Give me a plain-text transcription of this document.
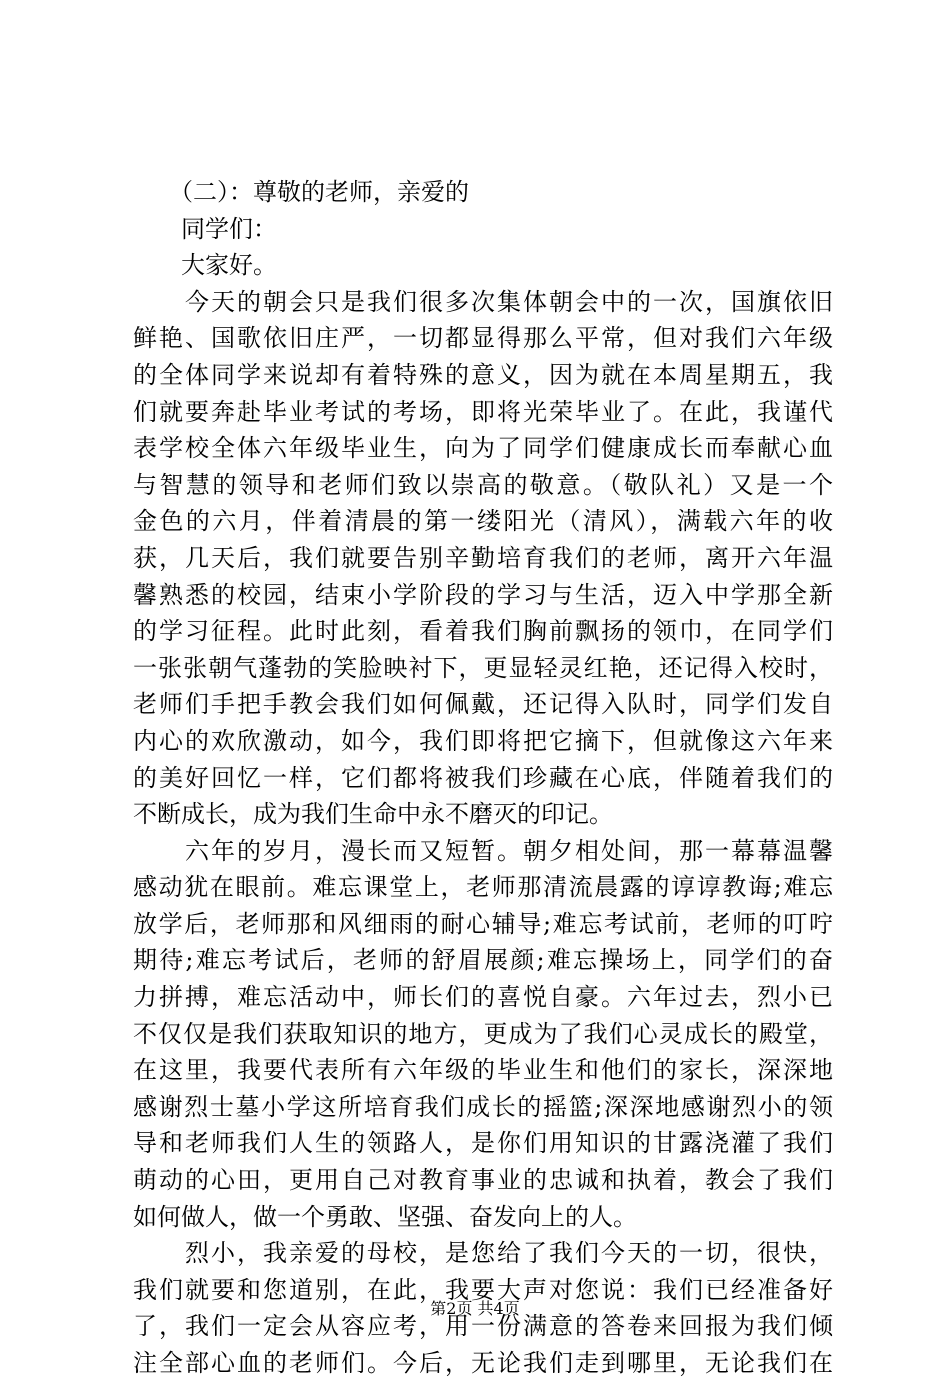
　　（二）：尊敬的老师，亲爱的
　　同学们：
　　大家好。
　　今天的朝会只是我们很多次集体朝会中的一次，国旗依旧
鲜艳、国歌依旧庄严，一切都显得那么平常，但对我们六年级
的全体同学来说却有着特殊的意义，因为就在本周星期五，我
们就要奔赴毕业考试的考场，即将光荣毕业了。在此，我谨代
表学校全体六年级毕业生，向为了同学们健康成长而奉献心血
与智慧的领导和老师们致以崇高的敬意。（敬队礼）又是一个
金色的六月，伴着清晨的第一缕阳光（清风），满载六年的收
获，几天后，我们就要告别辛勤培育我们的老师，离开六年温
馨熟悉的校园，结束小学阶段的学习与生活，迈入中学那全新
的学习征程。此时此刻，看着我们胸前飘扬的领巾，在同学们
一张张朝气蓬勃的笑脸映衬下，更显轻灵红艳，还记得入校时，
老师们手把手教会我们如何佩戴，还记得入队时，同学们发自
内心的欢欣激动，如今，我们即将把它摘下，但就像这六年来
的美好回忆一样，它们都将被我们珍藏在心底，伴随着我们的
不断成长，成为我们生命中永不磨灭的印记。
　　六年的岁月，漫长而又短暂。朝夕相处间，那一幕幕温馨
感动犹在眼前。难忘课堂上，老师那清流晨露的谆谆教诲;难忘
放学后，老师那和风细雨的耐心辅导;难忘考试前，老师的叮咛
期待;难忘考试后，老师的舒眉展颜;难忘操场上，同学们的奋
力拼搏，难忘活动中，师长们的喜悦自豪。六年过去，烈小已
不仅仅是我们获取知识的地方，更成为了我们心灵成长的殿堂，
在这里，我要代表所有六年级的毕业生和他们的家长，深深地
感谢烈士墓小学这所培育我们成长的摇篮;深深地感谢烈小的领
导和老师我们人生的领路人，是你们用知识的甘露浇灌了我们
萌动的心田，更用自己对教育事业的忠诚和执着，教会了我们
如何做人，做一个勇敢、坚强、奋发向上的人。
　　烈小，我亲爱的母校，是您给了我们今天的一切，很快，
我们就要和您道别，在此，我要大声对您说：我们已经准备好
了，我们一定会从容应考，用一份满意的答卷来回报为我们倾
注全部心血的老师们。今后，无论我们走到哪里，无论我们在
第2页 共4页
